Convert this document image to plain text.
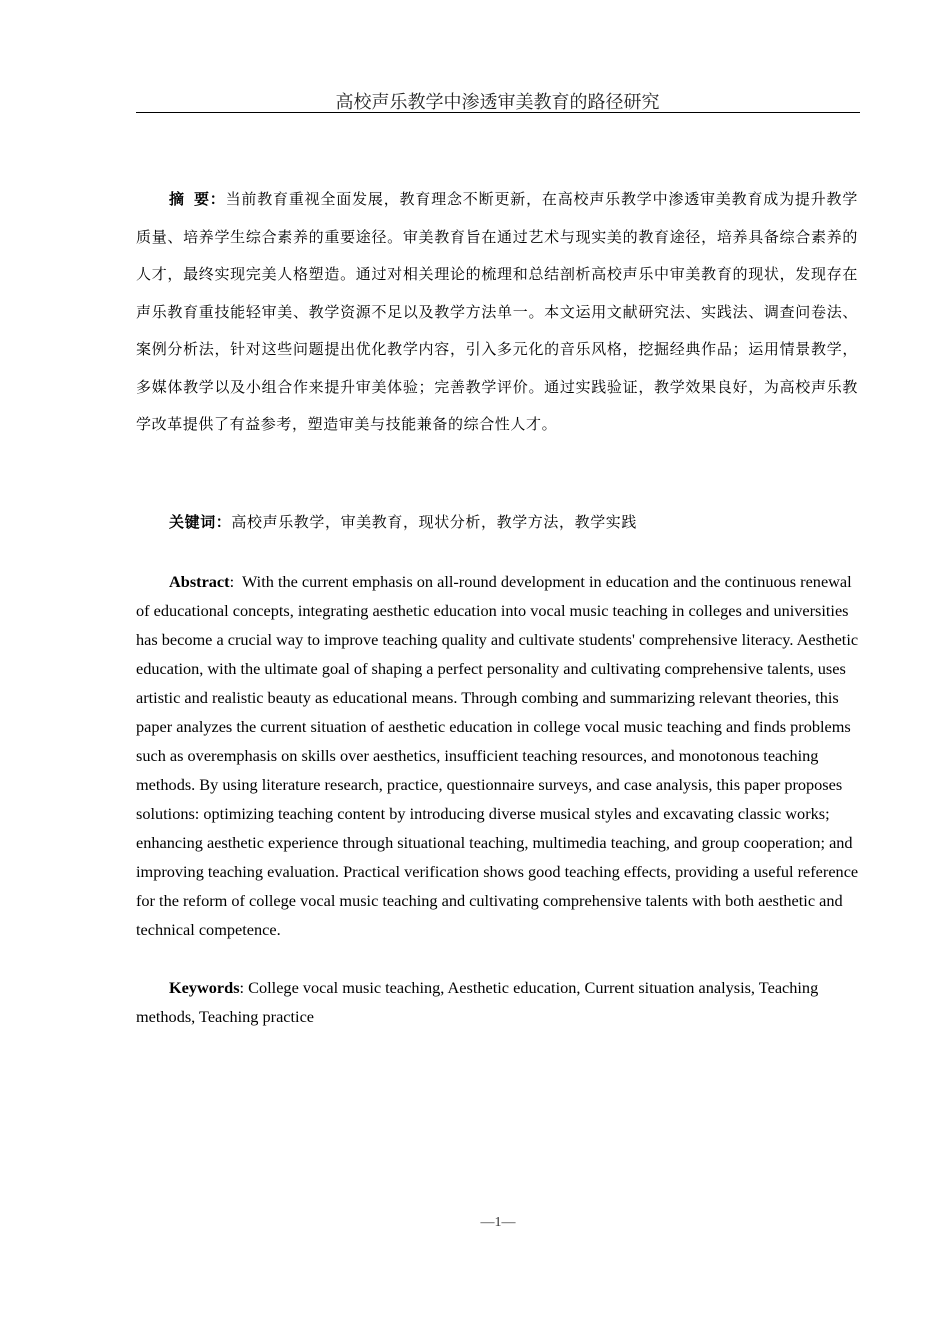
高校声乐教学中渗透审美教育的路径研究

摘  要：当前教育重视全面发展，教育理念不断更新，在高校声乐教学中渗透审美教育成为提升教学质量、培养学生综合素养的重要途径。审美教育旨在通过艺术与现实美的教育途径，培养具备综合素养的人才，最终实现完美人格塑造。通过对相关理论的梳理和总结剖析高校声乐中审美教育的现状，发现存在声乐教育重技能轻审美、教学资源不足以及教学方法单一。本文运用文献研究法、实践法、调查问卷法、案例分析法，针对这些问题提出优化教学内容，引入多元化的音乐风格，挖掘经典作品；运用情景教学，多媒体教学以及小组合作来提升审美体验；完善教学评价。通过实践验证，教学效果良好，为高校声乐教学改革提供了有益参考，塑造审美与技能兼备的综合性人才。

关键词：高校声乐教学，审美教育，现状分析，教学方法，教学实践

Abstract:  With the current emphasis on all-round development in education and the continuous renewal of educational concepts, integrating aesthetic education into vocal music teaching in colleges and universities has become a crucial way to improve teaching quality and cultivate students' comprehensive literacy. Aesthetic education, with the ultimate goal of shaping a perfect personality and cultivating comprehensive talents, uses artistic and realistic beauty as educational means. Through combing and summarizing relevant theories, this paper analyzes the current situation of aesthetic education in college vocal music teaching and finds problems such as overemphasis on skills over aesthetics, insufficient teaching resources, and monotonous teaching methods. By using literature research, practice, questionnaire surveys, and case analysis, this paper proposes solutions: optimizing teaching content by introducing diverse musical styles and excavating classic works; enhancing aesthetic experience through situational teaching, multimedia teaching, and group cooperation; and improving teaching evaluation. Practical verification shows good teaching effects, providing a useful reference for the reform of college vocal music teaching and cultivating comprehensive talents with both aesthetic and technical competence.

Keywords: College vocal music teaching, Aesthetic education, Current situation analysis, Teaching methods, Teaching practice

—1—
